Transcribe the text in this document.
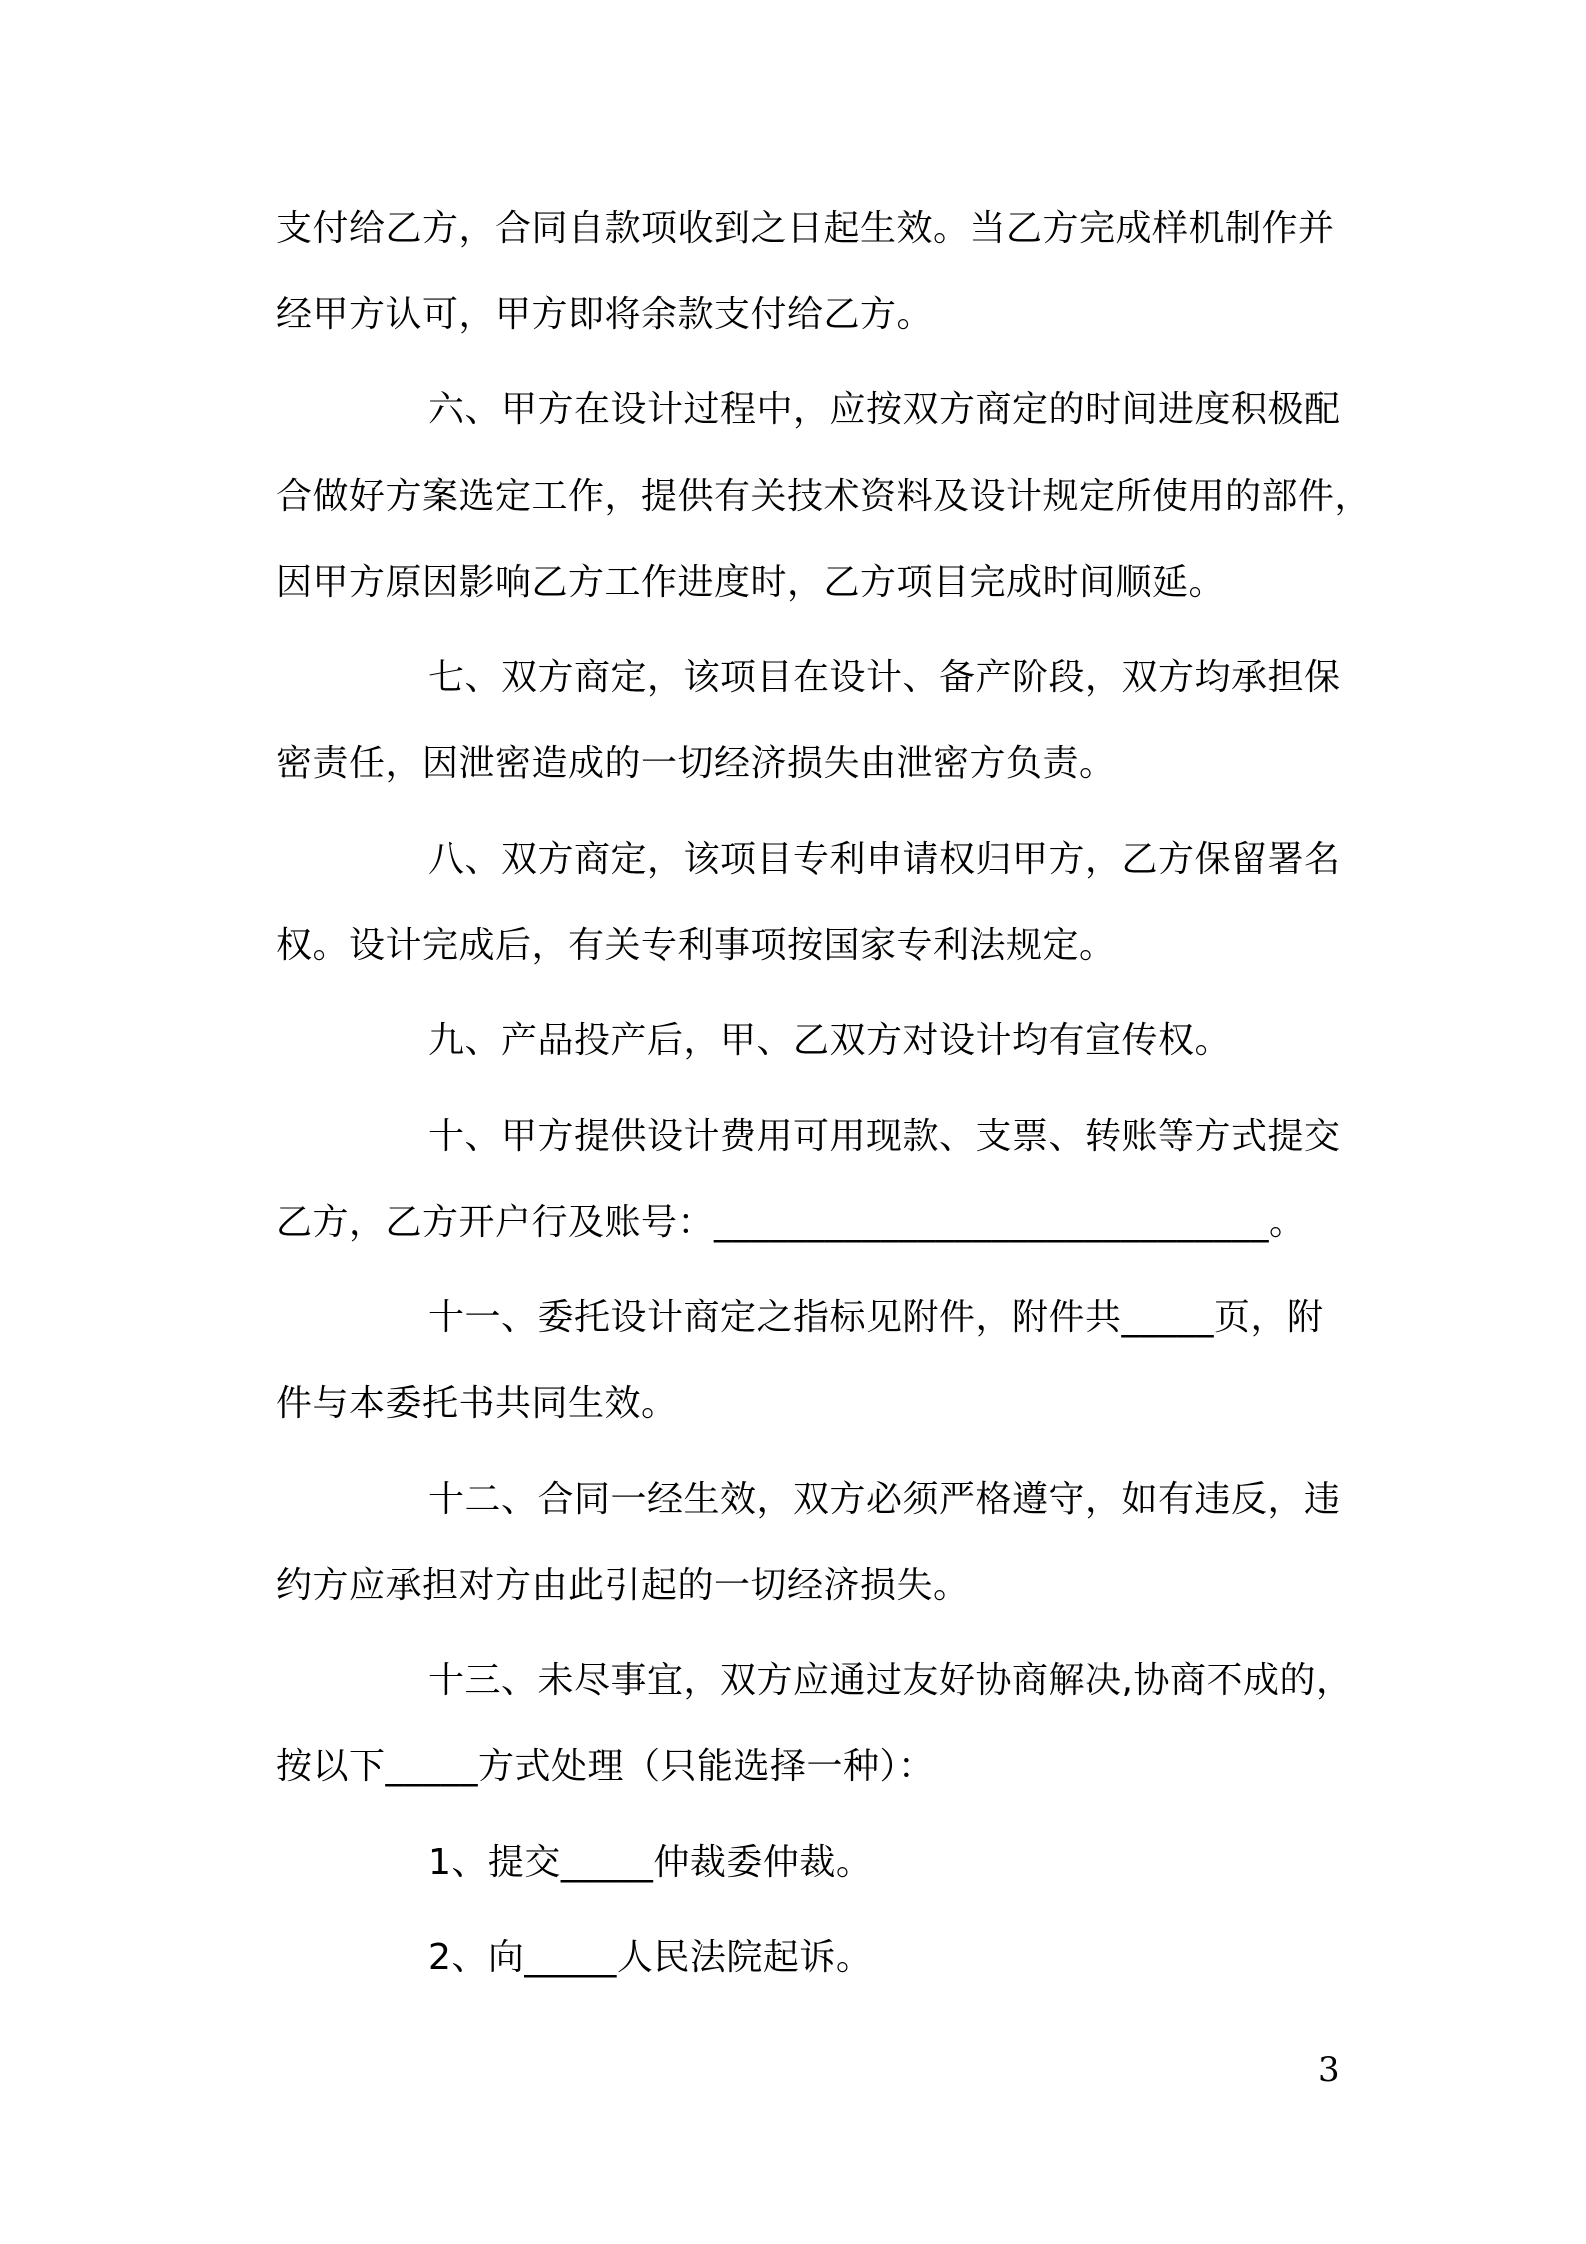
支付给乙方，合同自款项收到之日起生效。当乙方完成样机制作并
经甲方认可，甲方即将余款支付给乙方。
六、甲方在设计过程中，应按双方商定的时间进度积极配
合做好方案选定工作，提供有关技术资料及设计规定所使用的部件，
因甲方原因影响乙方工作进度时，乙方项目完成时间顺延。
七、双方商定，该项目在设计、备产阶段，双方均承担保
密责任，因泄密造成的一切经济损失由泄密方负责。
八、双方商定，该项目专利申请权归甲方，乙方保留署名
权。设计完成后，有关专利事项按国家专利法规定。
九、产品投产后，甲、乙双方对设计均有宣传权。
十、甲方提供设计费用可用现款、支票、转账等方式提交
乙方，乙方开户行及账号：______________________________。
十一、委托设计商定之指标见附件，附件共_____页，附
件与本委托书共同生效。
十二、合同一经生效，双方必须严格遵守，如有违反，违
约方应承担对方由此引起的一切经济损失。
十三、未尽事宜，双方应通过友好协商解决,协商不成的，
按以下_____方式处理（只能选择一种）：
1、提交_____仲裁委仲裁。
2、向_____人民法院起诉。
3
